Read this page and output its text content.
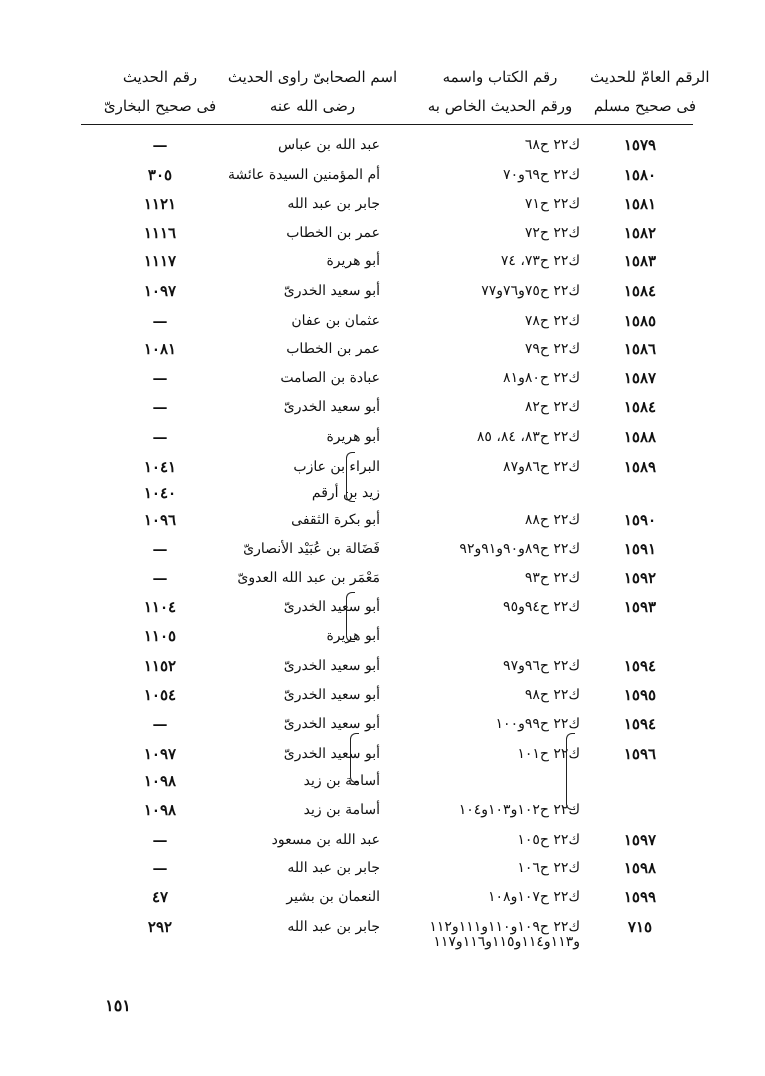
الرقم العامّ للحديث
فى صحيح مسلم
رقم الكتاب واسمه
ورقم الحديث الخاص به
اسم الصحابىّ راوى الحديث
رضى الله عنه
رقم الحديث
فى صحيح البخارىّ
١٥٧٩
ك٢٢ ح٦٨
عبد الله بن عباس
—
١٥٨٠
ك٢٢ ح٦٩و٧٠
أم المؤمنين السيدة عائشة
٣٠٥
١٥٨١
ك٢٢ ح٧١
جابر بن عبد الله
١١٢١
١٥٨٢
ك٢٢ ح٧٢
عمر بن الخطاب
١١١٦
١٥٨٣
ك٢٢ ح٧٣، ٧٤
أبو هريرة
١١١٧
١٥٨٤
ك٢٢ ح٧٥و٧٦و٧٧
أبو سعيد الخدرىّ
١٠٩٧
١٥٨٥
ك٢٢ ح٧٨
عثمان بن عفان
—
١٥٨٦
ك٢٢ ح٧٩
عمر بن الخطاب
١٠٨١
١٥٨٧
ك٢٢ ح٨٠و٨١
عبادة بن الصامت
—
١٥٨٤
ك٢٢ ح٨٢
أبو سعيد الخدرىّ
—
١٥٨٨
ك٢٢ ح٨٣، ٨٤، ٨٥
أبو هريرة
—
١٥٨٩
ك٢٢ ح٨٦و٨٧
البراء بن عازب
١٠٤١
زيد بن أرقم
١٠٤٠
١٥٩٠
ك٢٢ ح٨٨
أبو بكرة الثقفى
١٠٩٦
١٥٩١
ك٢٢ ح٨٩و٩٠و٩١و٩٢
فَضَالة بن عُبَيْد الأنصارىّ
—
١٥٩٢
ك٢٢ ح٩٣
مَعْمَر بن عبد الله العدوىّ
—
١٥٩٣
ك٢٢ ح٩٤و٩٥
أبو سعيد الخدرىّ
١١٠٤
أبو هريرة
١١٠٥
١٥٩٤
ك٢٢ ح٩٦و٩٧
أبو سعيد الخدرىّ
١١٥٢
١٥٩٥
ك٢٢ ح٩٨
أبو سعيد الخدرىّ
١٠٥٤
١٥٩٤
ك٢٢ ح٩٩و١٠٠
أبو سعيد الخدرىّ
—
١٥٩٦
ك٢٢ ح١٠١
أبو سعيد الخدرىّ
١٠٩٧
أسامة بن زيد
١٠٩٨
ك٢٢ ح١٠٢و١٠٣و١٠٤
أسامة بن زيد
١٠٩٨
١٥٩٧
ك٢٢ ح١٠٥
عبد الله بن مسعود
—
١٥٩٨
ك٢٢ ح١٠٦
جابر بن عبد الله
—
١٥٩٩
ك٢٢ ح١٠٧و١٠٨
النعمان بن بشير
٤٧
٧١٥
ك٢٢ ح١٠٩و١١٠و١١١و١١٢
جابر بن عبد الله
٢٩٢
و١١٣و١١٤و١١٥و١١٦و١١٧
١٥١
